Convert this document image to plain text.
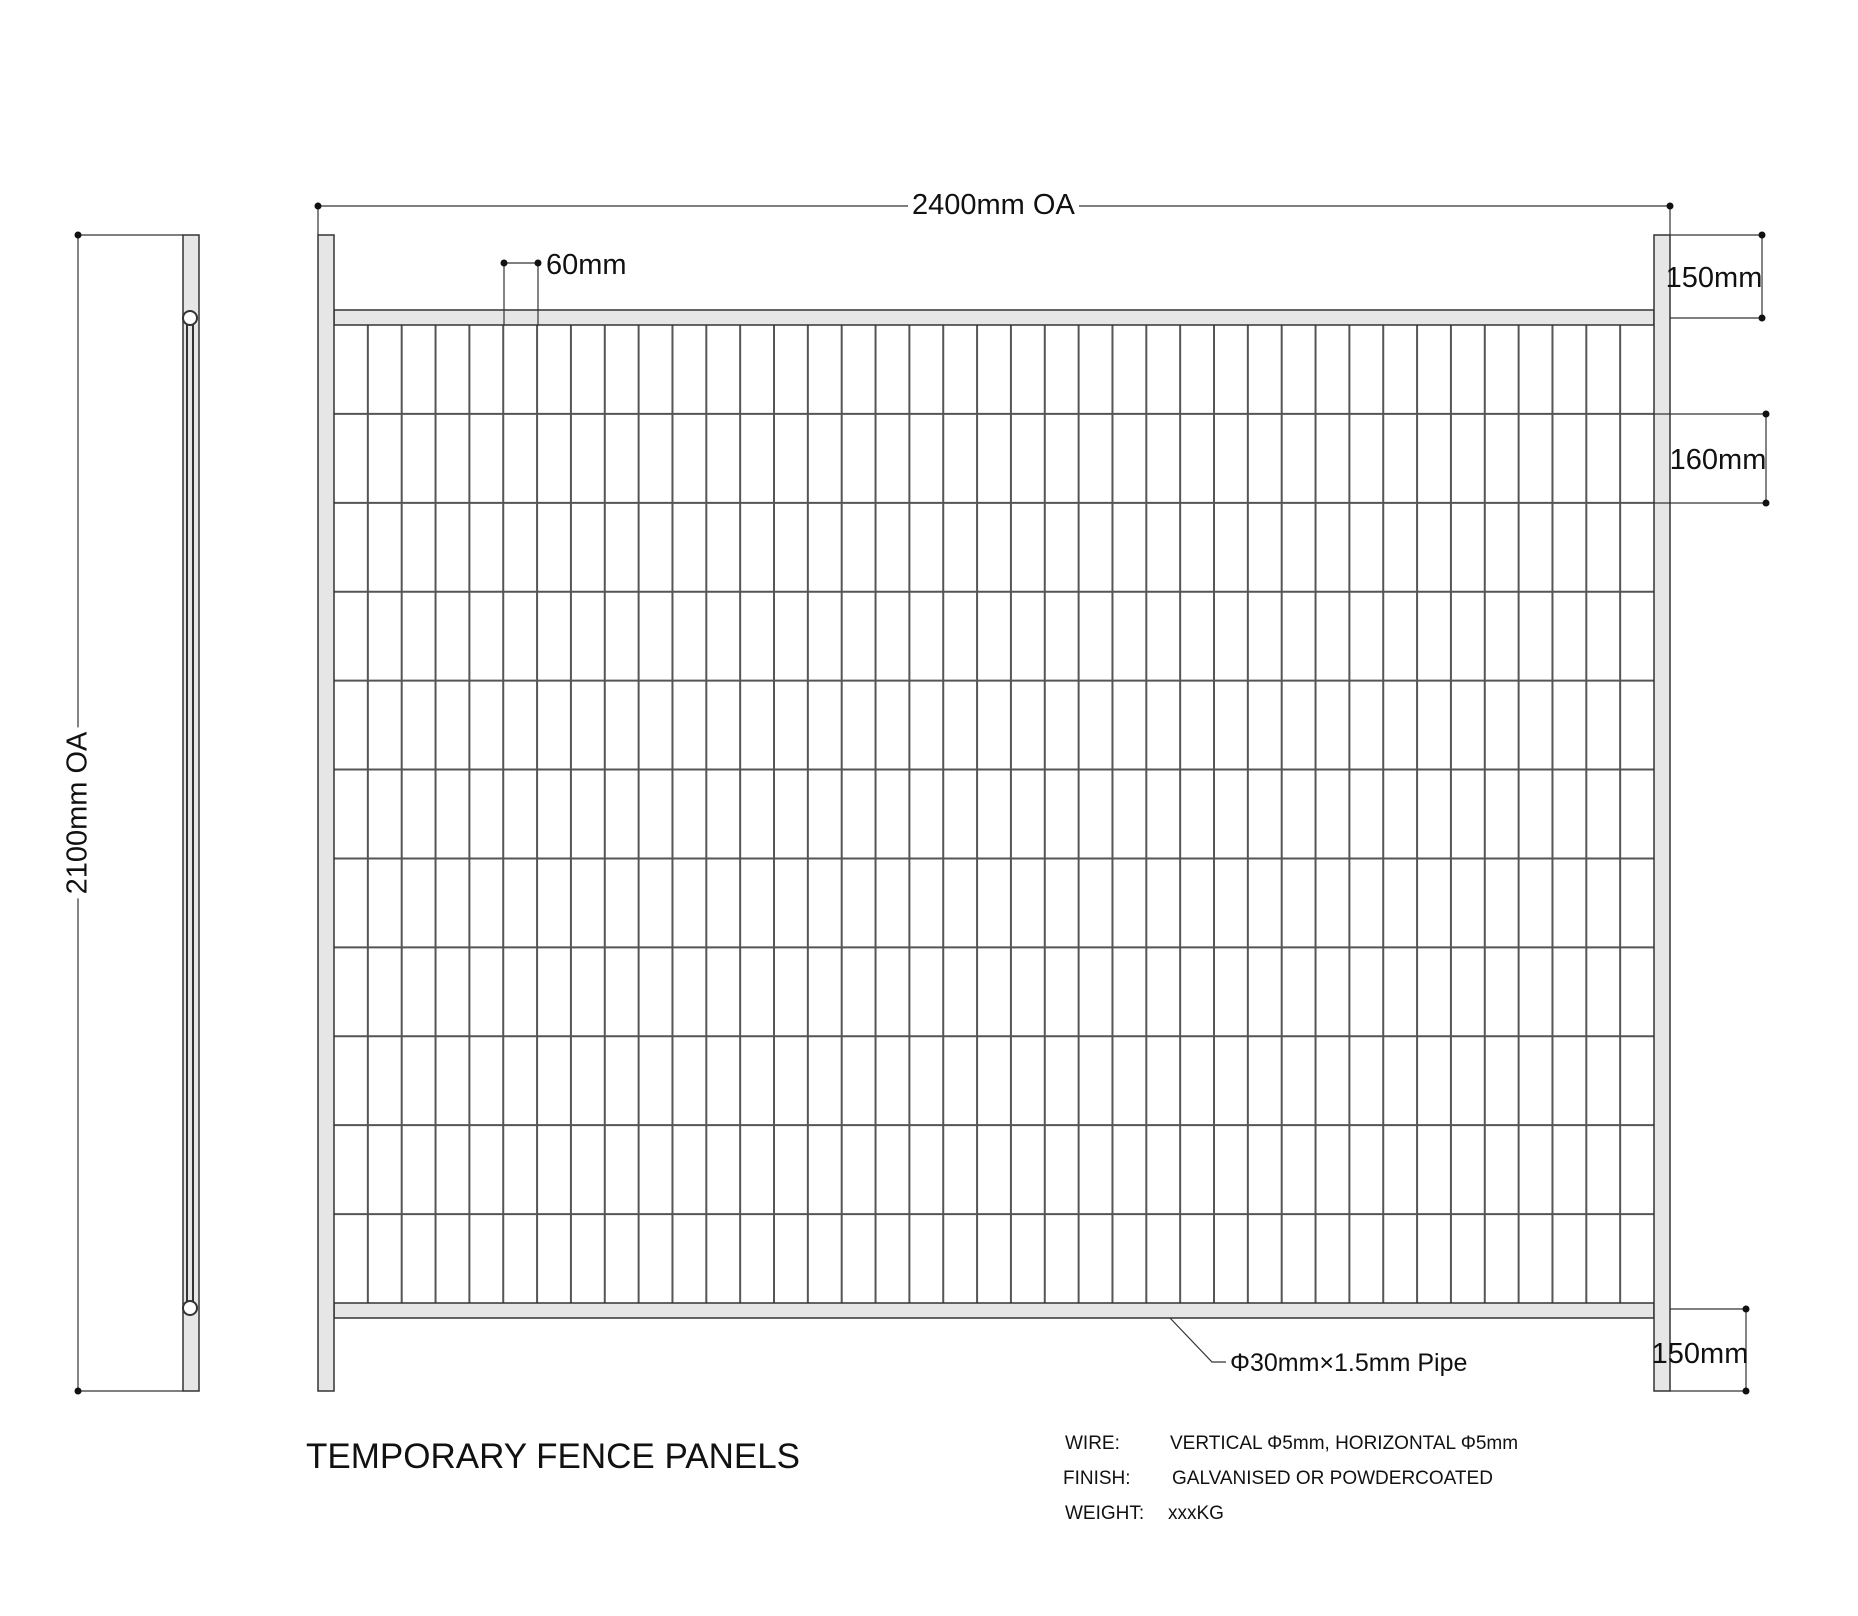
2400mm OA
2100mm OA
60mm	150mm
160mm
150mm
Φ30mm×1.5mm Pipe
TEMPORARY FENCE PANELS	WIRE:	VERTICAL Φ5mm, HORIZONTAL Φ5mm
FINISH: GALVANISED OR POWDERCOATED
WEIGHT: xxxKG
